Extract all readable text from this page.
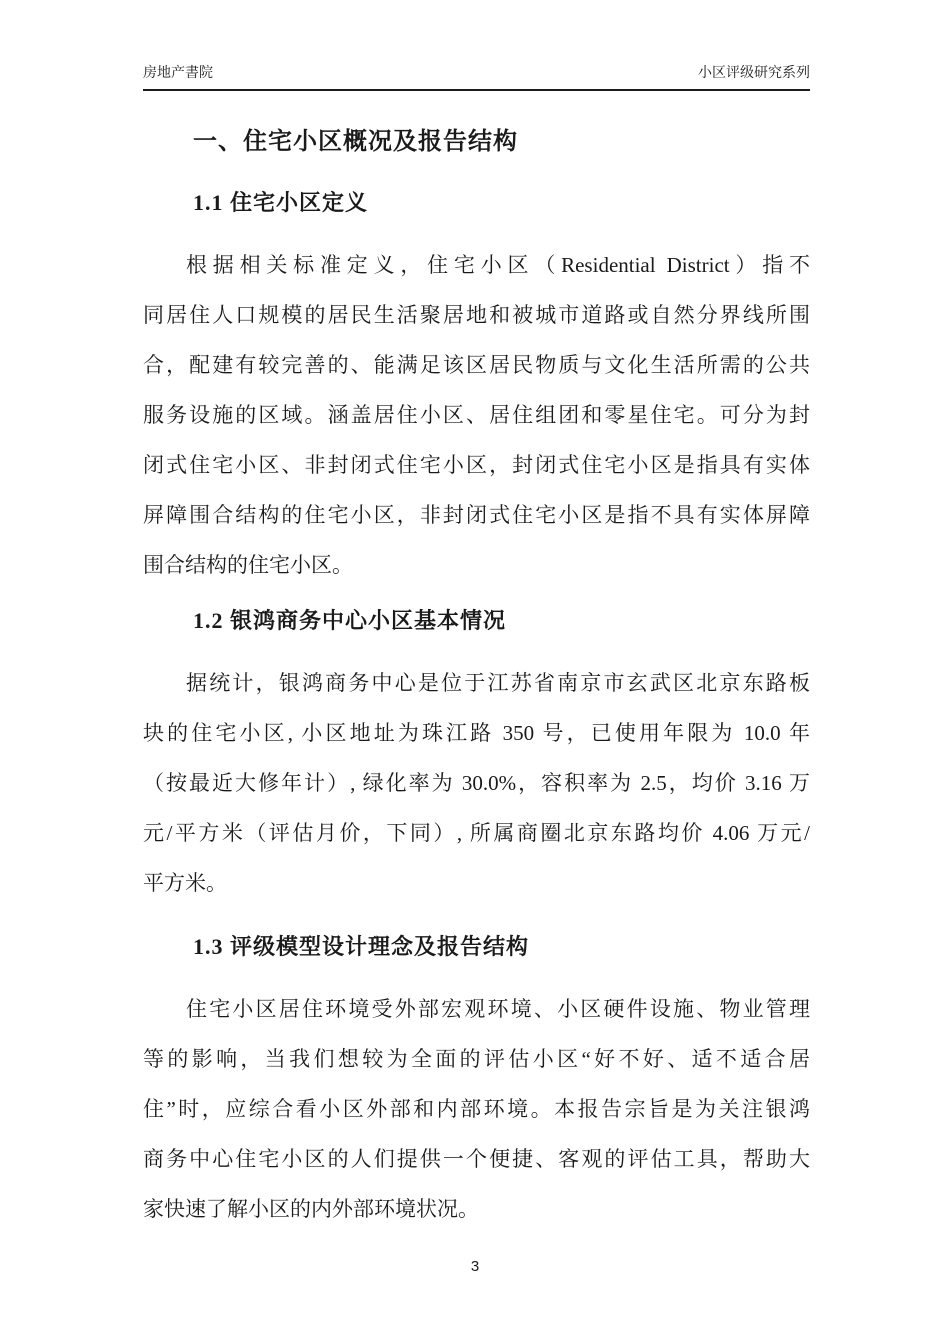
房地产書院	小区评级研究系列
一、住宅小区概况及报告结构
1.1 住宅小区定义
根据相关标准定义，住宅小区（Residential District）指不
同居住人口规模的居民生活聚居地和被城市道路或自然分界线所围
合，配建有较完善的、能满足该区居民物质与文化生活所需的公共
服务设施的区域。涵盖居住小区、居住组团和零星住宅。可分为封
闭式住宅小区、非封闭式住宅小区，封闭式住宅小区是指具有实体
屏障围合结构的住宅小区，非封闭式住宅小区是指不具有实体屏障
围合结构的住宅小区。
1.2 银鸿商务中心小区基本情况
据统计，银鸿商务中心是位于江苏省南京市玄武区北京东路板
块的住宅小区, 小区地址为珠江路 350 号，已使用年限为 10.0 年
（按最近大修年计）, 绿化率为 30.0%，容积率为 2.5，均价 3.16 万
元/平方米（评估月价，下同）, 所属商圈北京东路均价 4.06 万元/
平方米。
1.3 评级模型设计理念及报告结构
住宅小区居住环境受外部宏观环境、小区硬件设施、物业管理
等的影响，当我们想较为全面的评估小区“好不好、适不适合居
住”时，应综合看小区外部和内部环境。本报告宗旨是为关注银鸿
商务中心住宅小区的人们提供一个便捷、客观的评估工具，帮助大
家快速了解小区的内外部环境状况。
3
